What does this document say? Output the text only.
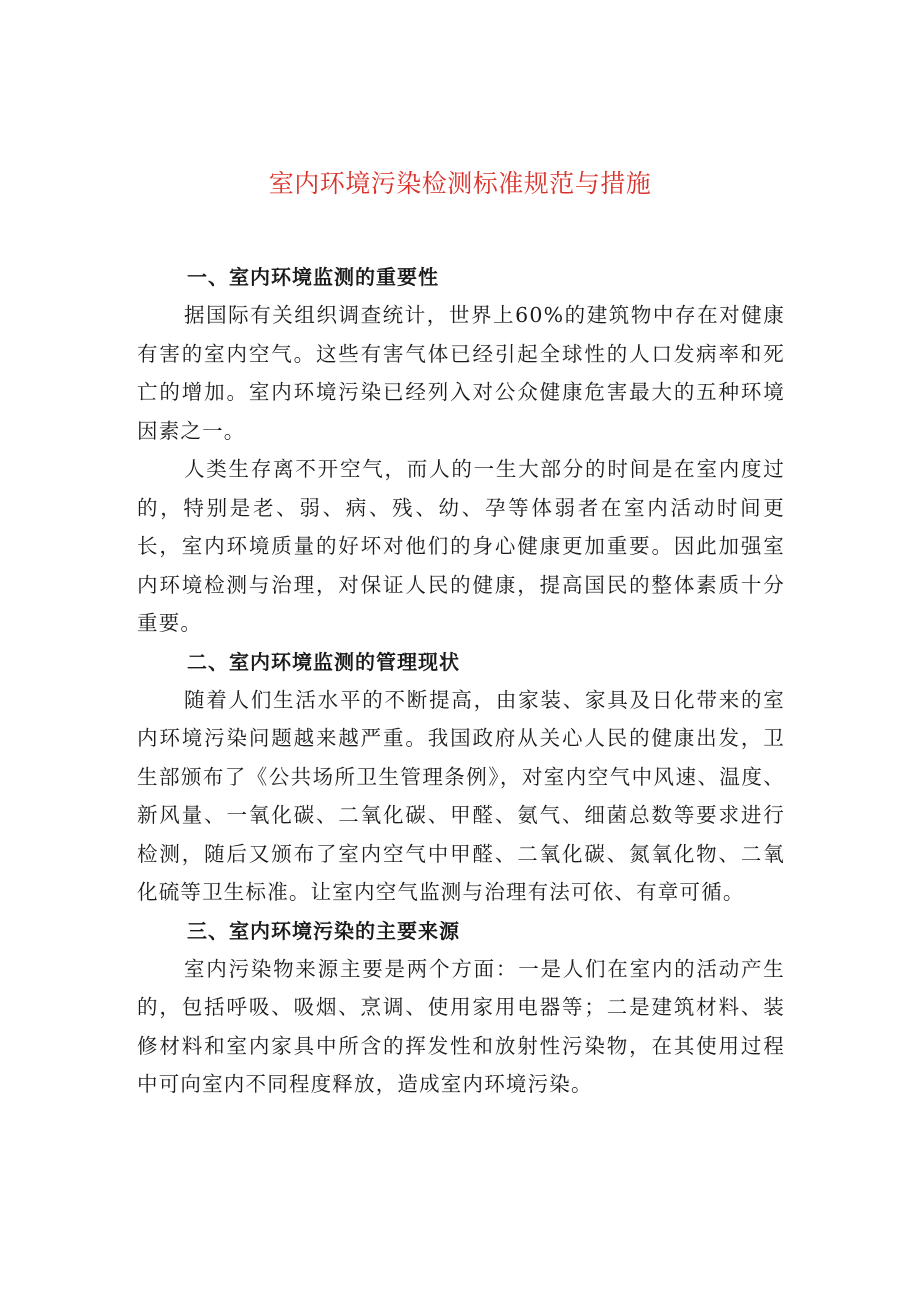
室内环境污染检测标准规范与措施

一、室内环境监测的重要性

据国际有关组织调查统计，世界上60%的建筑物中存在对健康有害的室内空气。这些有害气体已经引起全球性的人口发病率和死亡的增加。室内环境污染已经列入对公众健康危害最大的五种环境因素之一。

人类生存离不开空气，而人的一生大部分的时间是在室内度过的，特别是老、弱、病、残、幼、孕等体弱者在室内活动时间更长，室内环境质量的好坏对他们的身心健康更加重要。因此加强室内环境检测与治理，对保证人民的健康，提高国民的整体素质十分重要。

二、室内环境监测的管理现状

随着人们生活水平的不断提高，由家装、家具及日化带来的室内环境污染问题越来越严重。我国政府从关心人民的健康出发，卫生部颁布了《公共场所卫生管理条例》，对室内空气中风速、温度、新风量、一氧化碳、二氧化碳、甲醛、氨气、细菌总数等要求进行检测，随后又颁布了室内空气中甲醛、二氧化碳、氮氧化物、二氧化硫等卫生标准。让室内空气监测与治理有法可依、有章可循。

三、室内环境污染的主要来源

室内污染物来源主要是两个方面：一是人们在室内的活动产生的，包括呼吸、吸烟、烹调、使用家用电器等；二是建筑材料、装修材料和室内家具中所含的挥发性和放射性污染物，在其使用过程中可向室内不同程度释放，造成室内环境污染。
